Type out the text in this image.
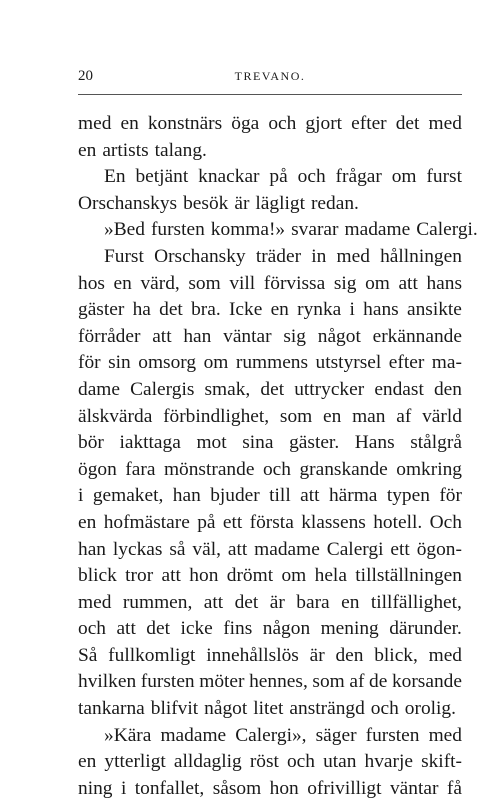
20	TREVANO.
med en konstnärs öga och gjort efter det med
en artists talang.
En betjänt knackar på och frågar om furst
Orschanskys besök är lägligt redan.
»Bed fursten komma!» svarar madame Calergi.
Furst Orschansky träder in med hållningen
hos en värd, som vill förvissa sig om att hans
gäster ha det bra. Icke en rynka i hans ansikte
förråder att han väntar sig något erkännande
för sin omsorg om rummens utstyrsel efter ma-
dame Calergis smak, det uttrycker endast den
älskvärda förbindlighet, som en man af värld
bör iakttaga mot sina gäster. Hans stålgrå
ögon fara mönstrande och granskande omkring
i gemaket, han bjuder till att härma typen för
en hofmästare på ett första klassens hotell. Och
han lyckas så väl, att madame Calergi ett ögon-
blick tror att hon drömt om hela tillställningen
med rummen, att det är bara en tillfällighet,
och att det icke fins någon mening därunder.
Så fullkomligt innehållslös är den blick, med
hvilken fursten möter hennes, som af de korsande
tankarna blifvit något litet ansträngd och orolig.
»Kära madame Calergi», säger fursten med
en ytterligt alldaglig röst och utan hvarje skift-
ning i tonfallet, såsom hon ofrivilligt väntar få
